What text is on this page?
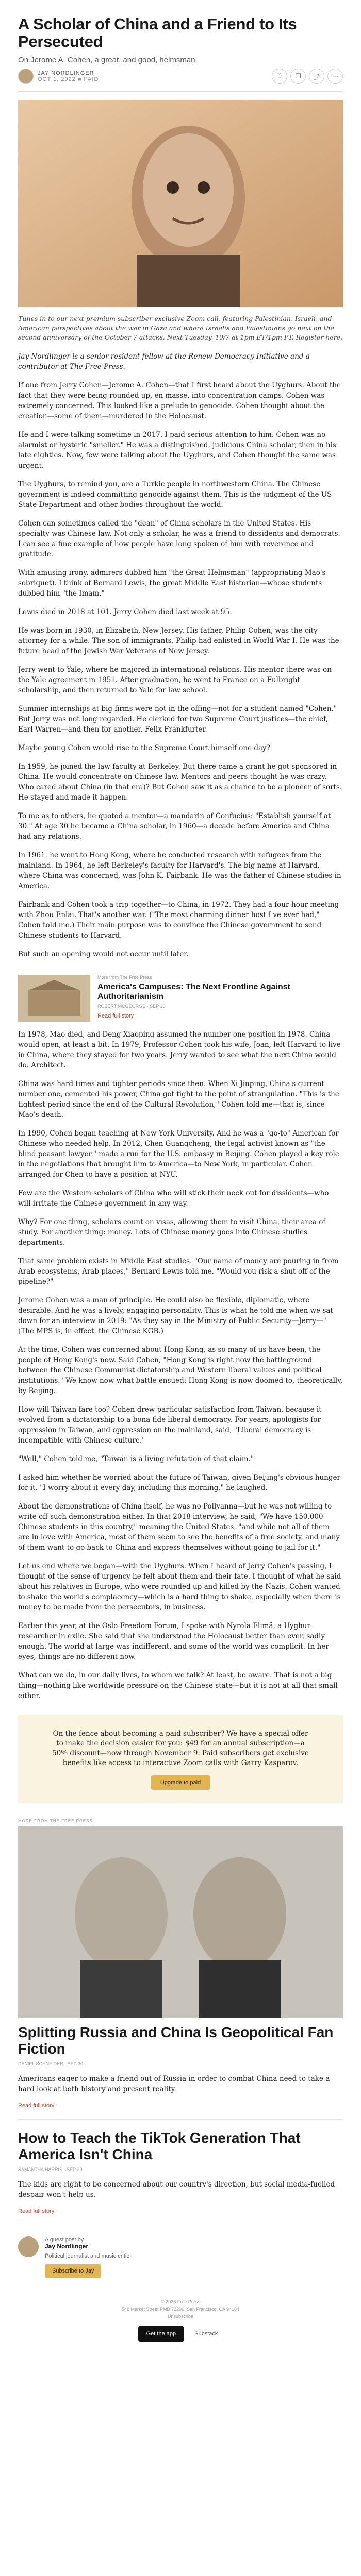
A Scholar of China and a Friend to Its Persecuted
On Jerome A. Cohen, a great, and good, helmsman.
JAY NORDLINGER
OCT 1, 2022 ■ PAID	♡	☐	⤴	⋯
Tunes in to our next premium subscriber-exclusive Zoom call, featuring Palestinian, Israeli, and American perspectives about the war in Gaza and where Israelis and Palestinians go next on the second anniversary of the October 7 attacks. Next Tuesday, 10/7 at 1pm ET/1pm PT. Register here.

Jay Nordlinger is a senior resident fellow at the Renew Democracy Initiative and a contributor at The Free Press.

If one from Jerry Cohen—Jerome A. Cohen—that I first heard about the Uyghurs. About the fact that they were being rounded up, en masse, into concentration camps. Cohen was extremely concerned. This looked like a prelude to genocide. Cohen thought about the creation—some of them—murdered in the Holocaust.

He and I were talking sometime in 2017. I paid serious attention to him. Cohen was no alarmist or hysteric "smeller." He was a distinguished, judicious China scholar, then in his late eighties. Now, few were talking about the Uyghurs, and Cohen thought the same was urgent.

The Uyghurs, to remind you, are a Turkic people in northwestern China. The Chinese government is indeed committing genocide against them. This is the judgment of the US State Department and other bodies throughout the world.

Cohen can sometimes called the "dean" of China scholars in the United States. His specialty was Chinese law. Not only a scholar, he was a friend to dissidents and democrats. I can see a fine example of how people have long spoken of him with reverence and gratitude.

With amusing irony, admirers dubbed him "the Great Helmsman" (appropriating Mao's sobriquet). I think of Bernard Lewis, the great Middle East historian—whose students dubbed him "the Imam."

Lewis died in 2018 at 101. Jerry Cohen died last week at 95.

He was born in 1930, in Elizabeth, New Jersey. His father, Philip Cohen, was the city attorney for a while. The son of immigrants, Philip had enlisted in World War I. He was the future head of the Jewish War Veterans of New Jersey.

Jerry went to Yale, where he majored in international relations. His mentor there was on the Yale agreement in 1951. After graduation, he went to France on a Fulbright scholarship, and then returned to Yale for law school.

Summer internships at big firms were not in the offing—not for a student named "Cohen." But Jerry was not long regarded. He clerked for two Supreme Court justices—the chief, Earl Warren—and then for another, Felix Frankfurter.

Maybe young Cohen would rise to the Supreme Court himself one day?

In 1959, he joined the law faculty at Berkeley. But there came a grant he got sponsored in China. He would concentrate on Chinese law. Mentors and peers thought he was crazy. Who cared about China (in that era)? But Cohen saw it as a chance to be a pioneer of sorts. He stayed and made it happen.

To me as to others, he quoted a mentor—a mandarin of Confucius: "Establish yourself at 30." At age 30 he became a China scholar, in 1960—a decade before America and China had any relations.

In 1961, he went to Hong Kong, where he conducted research with refugees from the mainland. In 1964, he left Berkeley's faculty for Harvard's. The big name at Harvard, where China was concerned, was John K. Fairbank. He was the father of Chinese studies in America.

Fairbank and Cohen took a trip together—to China, in 1972. They had a four-hour meeting with Zhou Enlai. That's another war. ("The most charming dinner host I've ever had," Cohen told me.) Their main purpose was to convince the Chinese government to send Chinese students to Harvard.

But such an opening would not occur until later.

More from The Free Press
America's Campuses: The Next Frontline Against Authoritarianism
ROBERT MCGEORGE · SEP 30
Read full story

In 1978, Mao died, and Deng Xiaoping assumed the number one position in 1978. China would open, at least a bit. In 1979, Professor Cohen took his wife, Joan, left Harvard to live in China, where they stayed for two years. Jerry wanted to see what the next China would do. Architect.

China was hard times and tighter periods since then. When Xi Jinping, China's current number one, cemented his power, China got tight to the point of strangulation. "This is the tightest period since the end of the Cultural Revolution," Cohen told me—that is, since Mao's death.

In 1990, Cohen began teaching at New York University. And he was a "go-to" American for Chinese who needed help. In 2012, Chen Guangcheng, the legal activist known as "the blind peasant lawyer," made a run for the U.S. embassy in Beijing. Cohen played a key role in the negotiations that brought him to America—to New York, in particular. Cohen arranged for Chen to have a position at NYU.

Few are the Western scholars of China who will stick their neck out for dissidents—who will irritate the Chinese government in any way.

Why? For one thing, scholars count on visas, allowing them to visit China, their area of study. For another thing: money. Lots of Chinese money goes into Chinese studies departments.

That same problem exists in Middle East studies. "Our name of money are pouring in from Arab ecosystems, Arab places," Bernard Lewis told me. "Would you risk a shut-off of the pipeline?"

Jerome Cohen was a man of principle. He could also be flexible, diplomatic, where desirable. And he was a lively, engaging personality. This is what he told me when we sat down for an interview in 2019: "As they say in the Ministry of Public Security—Jerry—" (The MPS is, in effect, the Chinese KGB.)

At the time, Cohen was concerned about Hong Kong, as so many of us have been, the people of Hong Kong's now. Said Cohen, "Hong Kong is right now the battleground between the Chinese Communist dictatorship and Western liberal values and political institutions." We know now what battle ensued: Hong Kong is now doomed to, theoretically, by Beijing.

How will Taiwan fare too? Cohen drew particular satisfaction from Taiwan, because it evolved from a dictatorship to a bona fide liberal democracy. For years, apologists for oppression in Taiwan, and oppression on the mainland, said, "Liberal democracy is incompatible with Chinese culture."

"Well," Cohen told me, "Taiwan is a living refutation of that claim."

I asked him whether he worried about the future of Taiwan, given Beijing's obvious hunger for it. "I worry about it every day, including this morning," he laughed.

About the demonstrations of China itself, he was no Pollyanna—but he was not willing to write off such demonstration either. In that 2018 interview, he said, "We have 150,000 Chinese students in this country," meaning the United States, "and while not all of them are in love with America, most of them seem to see the benefits of a free society, and many of them want to go back to China and express themselves without going to jail for it."

Let us end where we began—with the Uyghurs. When I heard of Jerry Cohen's passing, I thought of the sense of urgency he felt about them and their fate. I thought of what he said about his relatives in Europe, who were rounded up and killed by the Nazis. Cohen wanted to shake the world's complacency—which is a hard thing to shake, especially when there is money to be made from the persecutors, in business.

Earlier this year, at the Oslo Freedom Forum, I spoke with Nyrola Elimä, a Uyghur researcher in exile. She said that she understood the Holocaust better than ever, sadly enough. The world at large was indifferent, and some of the world was complicit. In her eyes, things are no different now.

What can we do, in our daily lives, to whom we talk? At least, be aware. That is not a big thing—nothing like worldwide pressure on the Chinese state—but it is not at all that small either.

On the fence about becoming a paid subscriber? We have a special offer to make the decision easier for you: $49 for an annual subscription—a 50% discount—now through November 9. Paid subscribers get exclusive benefits like access to interactive Zoom calls with Garry Kasparov.

Upgrade to paid
MORE FROM THE FREE PRESS
Splitting Russia and China Is Geopolitical Fan Fiction
DANIEL SCHNEIDER · SEP 30

Americans eager to make a friend out of Russia in order to combat China need to take a hard look at both history and present reality.

Read full story
How to Teach the TikTok Generation That America Isn't China
SAMANTHA HARRIS · SEP 29

The kids are right to be concerned about our country's direction, but social media-fuelled despair won't help us.

Read full story
A guest post by
Jay Nordlinger
Political journalist and music critic
Subscribe to Jay
© 2025 Free Press
548 Market Street PMB 72296, San Francisco, CA 94104
Unsubscribe
Get the app	Substack
